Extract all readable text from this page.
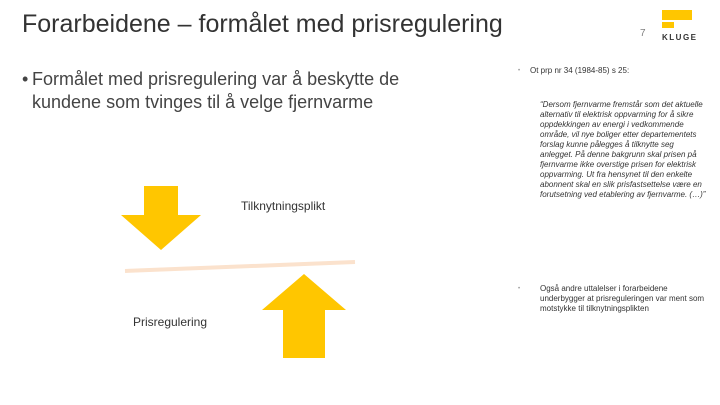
Forarbeidene – formålet med prisregulering	7 KLUGE
• Formålet med prisregulering var å beskytte de kundene som tvinges til å velge fjernvarme
Tilknytningsplikt
Prisregulering
•	Ot prp nr 34 (1984-85) s 25:
“Dersom fjernvarme fremstår som det aktuelle alternativ til elektrisk oppvarming for å sikre oppdekkingen av energi i vedkommende område, vil nye boliger etter departementets forslag kunne pålegges å tilknytte seg anlegget. På denne bakgrunn skal prisen på fjernvarme ikke overstige prisen for elektrisk oppvarming. Ut fra hensynet til den enkelte abonnent skal en slik prisfastsettelse være en forutsetning ved etablering av fjernvarme. (…)”
•	Også andre uttalelser i forarbeidene underbygger at prisreguleringen var ment som motstykke til tilknytningsplikten
